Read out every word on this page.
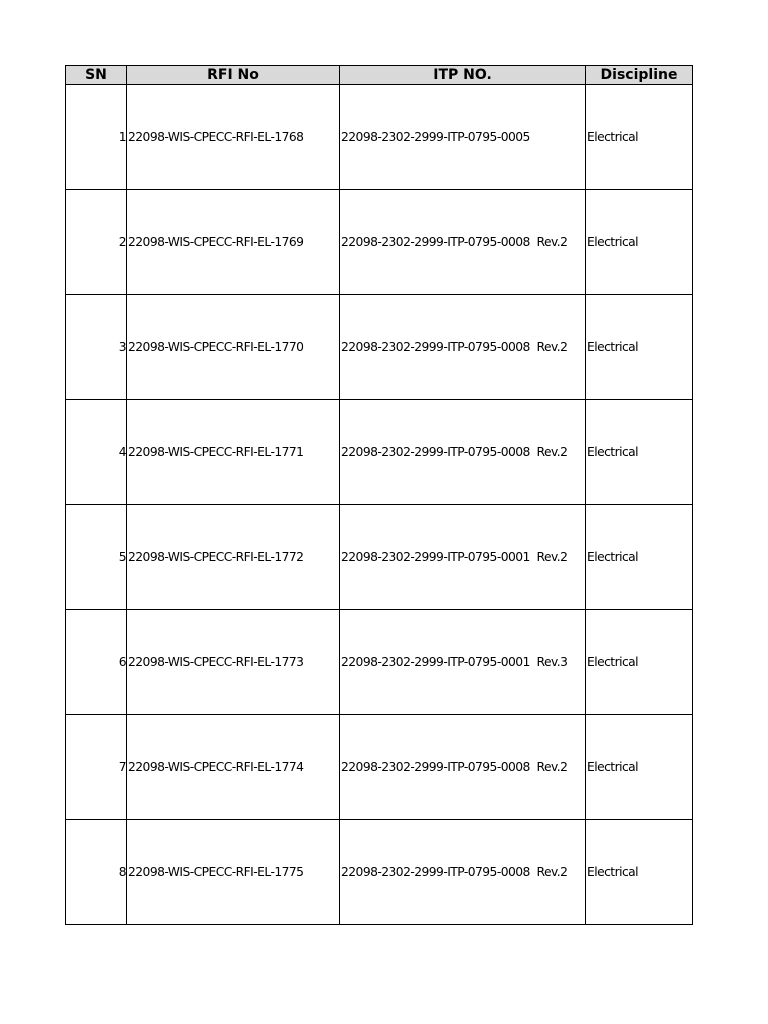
SN	RFI No	ITP NO.	Discipline
1	22098-WIS-CPECC-RFI-EL-1768	22098-2302-2999-ITP-0795-0005	Electrical
2	22098-WIS-CPECC-RFI-EL-1769	22098-2302-2999-ITP-0795-0008  Rev.2	Electrical
3	22098-WIS-CPECC-RFI-EL-1770	22098-2302-2999-ITP-0795-0008  Rev.2	Electrical
4	22098-WIS-CPECC-RFI-EL-1771	22098-2302-2999-ITP-0795-0008  Rev.2	Electrical
5	22098-WIS-CPECC-RFI-EL-1772	22098-2302-2999-ITP-0795-0001  Rev.2	Electrical
6	22098-WIS-CPECC-RFI-EL-1773	22098-2302-2999-ITP-0795-0001  Rev.3	Electrical
7	22098-WIS-CPECC-RFI-EL-1774	22098-2302-2999-ITP-0795-0008  Rev.2	Electrical
8	22098-WIS-CPECC-RFI-EL-1775	22098-2302-2999-ITP-0795-0008  Rev.2	Electrical
